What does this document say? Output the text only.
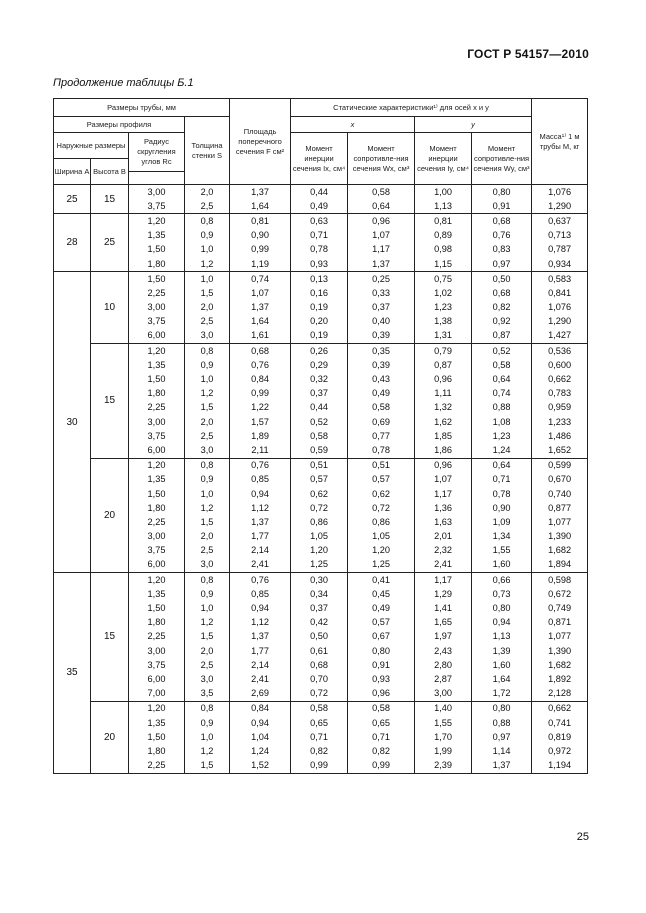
ГОСТ Р 54157—2010
Продолжение таблицы Б.1
Размеры трубы, мм				Площадь поперечного сечения F см²	Статические характеристики¹⁾ для осей x и y				Масса¹⁾ 1 м трубы M, кг
Размеры профиля			Толщина стенки S		x		y		
Наружные размеры		Радиус скругления углов Rc			Момент инерции сечения Ix, см⁴	Момент сопротивле-ния сечения Wx, см³	Момент инерции сечения Iy, см⁴	Момент сопротивле-ния сечения Wy, см³	
Ширина A	Высота B								

25	15	3,00	2,0	1,37	0,44	0,58	1,00	0,80	1,076
		3,75	2,5	1,64	0,49	0,64	1,13	0,91	1,290
28	25	1,20	0,8	0,81	0,63	0,96	0,81	0,68	0,637
		1,35	0,9	0,90	0,71	1,07	0,89	0,76	0,713
		1,50	1,0	0,99	0,78	1,17	0,98	0,83	0,787
		1,80	1,2	1,19	0,93	1,37	1,15	0,97	0,934
30	10	1,50	1,0	0,74	0,13	0,25	0,75	0,50	0,583
		2,25	1,5	1,07	0,16	0,33	1,02	0,68	0,841
		3,00	2,0	1,37	0,19	0,37	1,23	0,82	1,076
		3,75	2,5	1,64	0,20	0,40	1,38	0,92	1,290
		6,00	3,0	1,61	0,19	0,39	1,31	0,87	1,427
	15	1,20	0,8	0,68	0,26	0,35	0,79	0,52	0,536
		1,35	0,9	0,76	0,29	0,39	0,87	0,58	0,600
		1,50	1,0	0,84	0,32	0,43	0,96	0,64	0,662
		1,80	1,2	0,99	0,37	0,49	1,11	0,74	0,783
		2,25	1,5	1,22	0,44	0,58	1,32	0,88	0,959
		3,00	2,0	1,57	0,52	0,69	1,62	1,08	1,233
		3,75	2,5	1,89	0,58	0,77	1,85	1,23	1,486
		6,00	3,0	2,11	0,59	0,78	1,86	1,24	1,652
	20	1,20	0,8	0,76	0,51	0,51	0,96	0,64	0,599
		1,35	0,9	0,85	0,57	0,57	1,07	0,71	0,670
		1,50	1,0	0,94	0,62	0,62	1,17	0,78	0,740
		1,80	1,2	1,12	0,72	0,72	1,36	0,90	0,877
		2,25	1,5	1,37	0,86	0,86	1,63	1,09	1,077
		3,00	2,0	1,77	1,05	1,05	2,01	1,34	1,390
		3,75	2,5	2,14	1,20	1,20	2,32	1,55	1,682
		6,00	3,0	2,41	1,25	1,25	2,41	1,60	1,894
35	15	1,20	0,8	0,76	0,30	0,41	1,17	0,66	0,598
		1,35	0,9	0,85	0,34	0,45	1,29	0,73	0,672
		1,50	1,0	0,94	0,37	0,49	1,41	0,80	0,749
		1,80	1,2	1,12	0,42	0,57	1,65	0,94	0,871
		2,25	1,5	1,37	0,50	0,67	1,97	1,13	1,077
		3,00	2,0	1,77	0,61	0,80	2,43	1,39	1,390
		3,75	2,5	2,14	0,68	0,91	2,80	1,60	1,682
		6,00	3,0	2,41	0,70	0,93	2,87	1,64	1,892
		7,00	3,5	2,69	0,72	0,96	3,00	1,72	2,128
	20	1,20	0,8	0,84	0,58	0,58	1,40	0,80	0,662
		1,35	0,9	0,94	0,65	0,65	1,55	0,88	0,741
		1,50	1,0	1,04	0,71	0,71	1,70	0,97	0,819
		1,80	1,2	1,24	0,82	0,82	1,99	1,14	0,972
		2,25	1,5	1,52	0,99	0,99	2,39	1,37	1,194
25
